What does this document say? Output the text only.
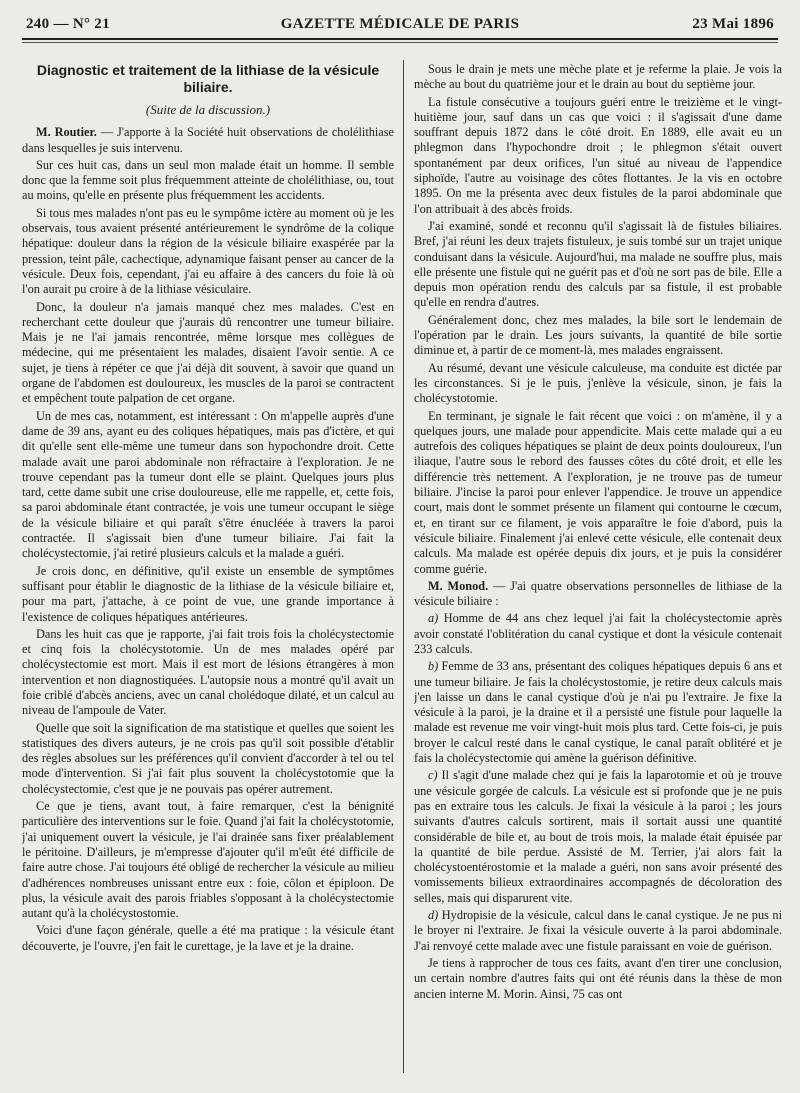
240 — N° 21	GAZETTE MÉDICALE DE PARIS	23 Mai 1896
Diagnostic et traitement de la lithiase de la vésicule biliaire.
(Suite de la discussion.)

M. Routier. — J'apporte à la Société huit observations de cholélithiase dans lesquelles je suis intervenu.

Sur ces huit cas, dans un seul mon malade était un homme. Il semble donc que la femme soit plus fréquemment atteinte de cholélithiase, ou, tout au moins, qu'elle en présente plus fréquemment les accidents.

Si tous mes malades n'ont pas eu le sympôme ictère au moment où je les observais, tous avaient présenté antérieurement le syndrôme de la colique hépatique: douleur dans la région de la vésicule biliaire exaspérée par la pression, teint pâle, cachectique, adynamique faisant penser au cancer de la vésicule. Deux fois, cependant, j'ai eu affaire à des cancers du foie là où l'on aurait pu croire à de la lithiase vésiculaire.

Donc, la douleur n'a jamais manqué chez mes malades. C'est en recherchant cette douleur que j'aurais dû rencontrer une tumeur biliaire. Mais je ne l'ai jamais rencontrée, même lorsque mes collègues de médecine, qui me présentaient les malades, disaient l'avoir sentie. A ce sujet, je tiens à répéter ce que j'ai déjà dit souvent, à savoir que quand un organe de l'abdomen est douloureux, les muscles de la paroi se contractent et empêchent toute palpation de cet organe.

Un de mes cas, notamment, est intéressant : On m'appelle auprès d'une dame de 39 ans, ayant eu des coliques hépatiques, mais pas d'ictère, et qui dit qu'elle sent elle-même une tumeur dans son hypochondre droit. Cette malade avait une paroi abdominale non réfractaire à l'exploration. Je ne trouve cependant pas la tumeur dont elle se plaint. Quelques jours plus tard, cette dame subit une crise douloureuse, elle me rappelle, et, cette fois, sa paroi abdominale étant contractée, je vois une tumeur occupant le siège de la vésicule biliaire et qui paraît s'être énucléée à travers la paroi contractée. Il s'agissait bien d'une tumeur biliaire. J'ai fait la cholécystectomie, j'ai retiré plusieurs calculs et la malade a guéri.

Je crois donc, en définitive, qu'il existe un ensemble de symptômes suffisant pour établir le diagnostic de la lithiase de la vésicule biliaire et, pour ma part, j'attache, à ce point de vue, une grande importance à l'existence de coliques hépatiques antérieures.

Dans les huit cas que je rapporte, j'ai fait trois fois la cholécystectomie et cinq fois la cholécystotomie. Un de mes malades opéré par cholécystectomie est mort. Mais il est mort de lésions étrangères à mon intervention et non diagnostiquées. L'autopsie nous a montré qu'il avait un foie criblé d'abcès anciens, avec un canal cholédoque dilaté, et un calcul au niveau de l'ampoule de Vater.

Quelle que soit la signification de ma statistique et quelles que soient les statistiques des divers auteurs, je ne crois pas qu'il soit possible d'établir des règles absolues sur les préférences qu'il convient d'accorder à tel ou tel mode d'intervention. Si j'ai fait plus souvent la cholécystotomie que la cholécystectomie, c'est que je ne pouvais pas opérer autrement.

Ce que je tiens, avant tout, à faire remarquer, c'est la bénignité particulière des interventions sur le foie. Quand j'ai fait la cholécystotomie, j'ai uniquement ouvert la vésicule, je l'ai drainée sans fixer préalablement le péritoine. D'ailleurs, je m'empresse d'ajouter qu'il m'eût été difficile de faire autre chose. J'ai toujours été obligé de rechercher la vésicule au milieu d'adhérences nombreuses unissant entre eux : foie, côlon et épiploon. De plus, la vésicule avait des parois friables s'opposant à la cholécystectomie autant qu'à la cholécystostomie.

Voici d'une façon générale, quelle a été ma pratique : la vésicule étant découverte, je l'ouvre, j'en fait le curettage, je la lave et je la draine.

Sous le drain je mets une mèche plate et je referme la plaie. Je vois la mèche au bout du quatrième jour et le drain au bout du septième jour.

La fistule consécutive a toujours guéri entre le treizième et le vingt-huitième jour, sauf dans un cas que voici : il s'agissait d'une dame souffrant depuis 1872 dans le côté droit. En 1889, elle avait eu un phlegmon dans l'hypochondre droit ; le phlegmon s'était ouvert spontanément par deux orifices, l'un situé au niveau de l'appendice siphoïde, l'autre au voisinage des côtes flottantes. Je la vis en octobre 1895. On me la présenta avec deux fistules de la paroi abdominale que l'on attribuait à des abcès froids.

J'ai examiné, sondé et reconnu qu'il s'agissait là de fistules biliaires. Bref, j'ai réuni les deux trajets fistuleux, je suis tombé sur un trajet unique conduisant dans la vésicule. Aujourd'hui, ma malade ne souffre plus, mais elle présente une fistule qui ne guérit pas et d'où ne sort pas de bile. Elle a depuis mon opération rendu des calculs par sa fistule, il est probable qu'elle en rendra d'autres.

Généralement donc, chez mes malades, la bile sort le lendemain de l'opération par le drain. Les jours suivants, la quantité de bile sortie diminue et, à partir de ce moment-là, mes malades engraissent.

Au résumé, devant une vésicule calculeuse, ma conduite est dictée par les circonstances. Si je le puis, j'enlève la vésicule, sinon, je fais la cholécystotomie.

En terminant, je signale le fait récent que voici : on m'amène, il y a quelques jours, une malade pour appendicite. Mais cette malade qui a eu autrefois des coliques hépatiques se plaint de deux points douloureux, l'un iliaque, l'autre sous le rebord des fausses côtes du côté droit, et elle les différencie très nettement. A l'exploration, je ne trouve pas de tumeur biliaire. J'incise la paroi pour enlever l'appendice. Je trouve un appendice court, mais dont le sommet présente un filament qui contourne le cœcum, et, en tirant sur ce filament, je vois apparaître le foie d'abord, puis la vésicule biliaire. Finalement j'ai enlevé cette vésicule, elle contenait deux calculs. Ma malade est opérée depuis dix jours, et je puis la considérer comme guérie.

M. Monod. — J'ai quatre observations personnelles de lithiase de la vésicule biliaire :

a) Homme de 44 ans chez lequel j'ai fait la cholécystectomie après avoir constaté l'oblitération du canal cystique et dont la vésicule contenait 233 calculs.

b) Femme de 33 ans, présentant des coliques hépatiques depuis 6 ans et une tumeur biliaire. Je fais la cholécystostomie, je retire deux calculs mais j'en laisse un dans le canal cystique d'où je n'ai pu l'extraire. Je fixe la vésicule à la paroi, je la draine et il a persisté une fistule pour laquelle la malade est revenue me voir vingt-huit mois plus tard. Cette fois-ci, je puis broyer le calcul resté dans le canal cystique, le canal paraît oblitéré et je fais la cholécystectomie qui amène la guérison définitive.

c) Il s'agit d'une malade chez qui je fais la laparotomie et où je trouve une vésicule gorgée de calculs. La vésicule est si profonde que je ne puis pas en extraire tous les calculs. Je fixai la vésicule à la paroi ; les jours suivants d'autres calculs sortirent, mais il sortait aussi une quantité considérable de bile et, au bout de trois mois, la malade était épuisée par la quantité de bile perdue. Assisté de M. Terrier, j'ai alors fait la cholécystoentérostomie et la malade a guéri, non sans avoir présenté des vomissements bilieux extraordinaires accompagnés de décoloration des selles, mais qui disparurent vite.

d) Hydropisie de la vésicule, calcul dans le canal cystique. Je ne pus ni le broyer ni l'extraire. Je fixai la vésicule ouverte à la paroi abdominale. J'ai renvoyé cette malade avec une fistule paraissant en voie de guérison.

Je tiens à rapprocher de tous ces faits, avant d'en tirer une conclusion, un certain nombre d'autres faits qui ont été réunis dans la thèse de mon ancien interne M. Morin. Ainsi, 75 cas ont
